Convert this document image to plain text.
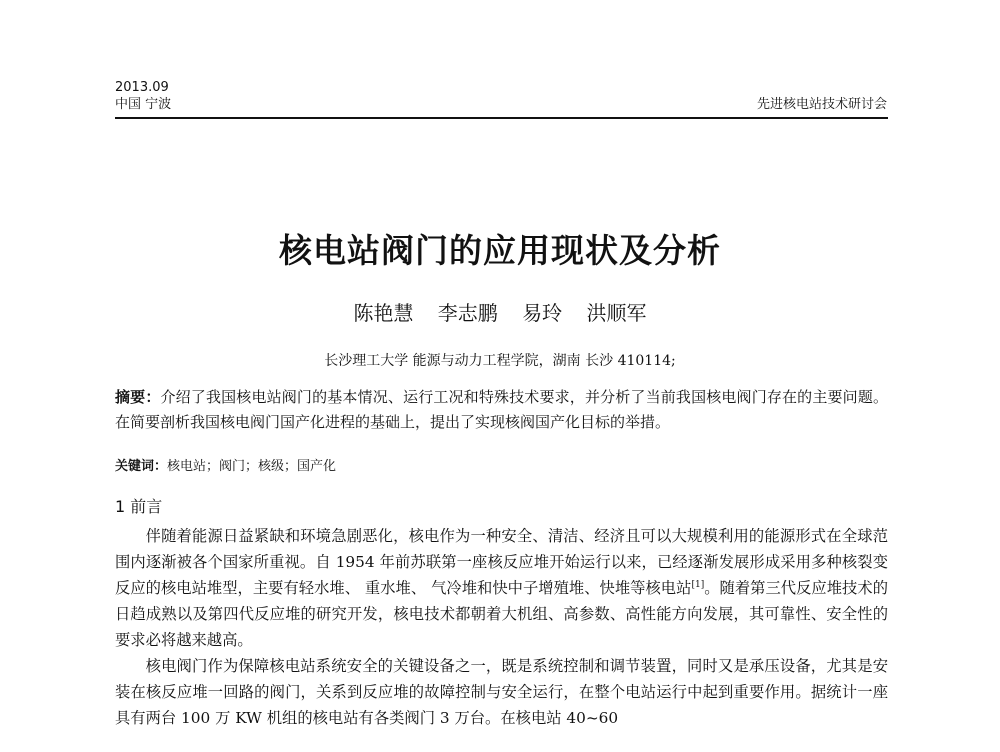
2013.09
中国 宁波	先进核电站技术研讨会
核电站阀门的应用现状及分析
陈艳慧 李志鹏 易玲 洪顺军
长沙理工大学 能源与动力工程学院，湖南 长沙 410114;
摘要：介绍了我国核电站阀门的基本情况、运行工况和特殊技术要求，并分析了当前我国核电阀门存在的主要问题。在简要剖析我国核电阀门国产化进程的基础上，提出了实现核阀国产化目标的举措。
关键词：核电站；阀门；核级；国产化
1 前言

伴随着能源日益紧缺和环境急剧恶化，核电作为一种安全、清洁、经济且可以大规模利用的能源形式在全球范围内逐渐被各个国家所重视。自 1954 年前苏联第一座核反应堆开始运行以来，已经逐渐发展形成采用多种核裂变反应的核电站堆型，主要有轻水堆、 重水堆、 气冷堆和快中子增殖堆、快堆等核电站[1]。随着第三代反应堆技术的日趋成熟以及第四代反应堆的研究开发，核电技术都朝着大机组、高参数、高性能方向发展，其可靠性、安全性的要求必将越来越高。

核电阀门作为保障核电站系统安全的关键设备之一，既是系统控制和调节装置，同时又是承压设备，尤其是安装在核反应堆一回路的阀门，关系到反应堆的故障控制与安全运行，在整个电站运行中起到重要作用。据统计一座具有两台 100 万 KW 机组的核电站有各类阀门 3 万台。在核电站 40~60
